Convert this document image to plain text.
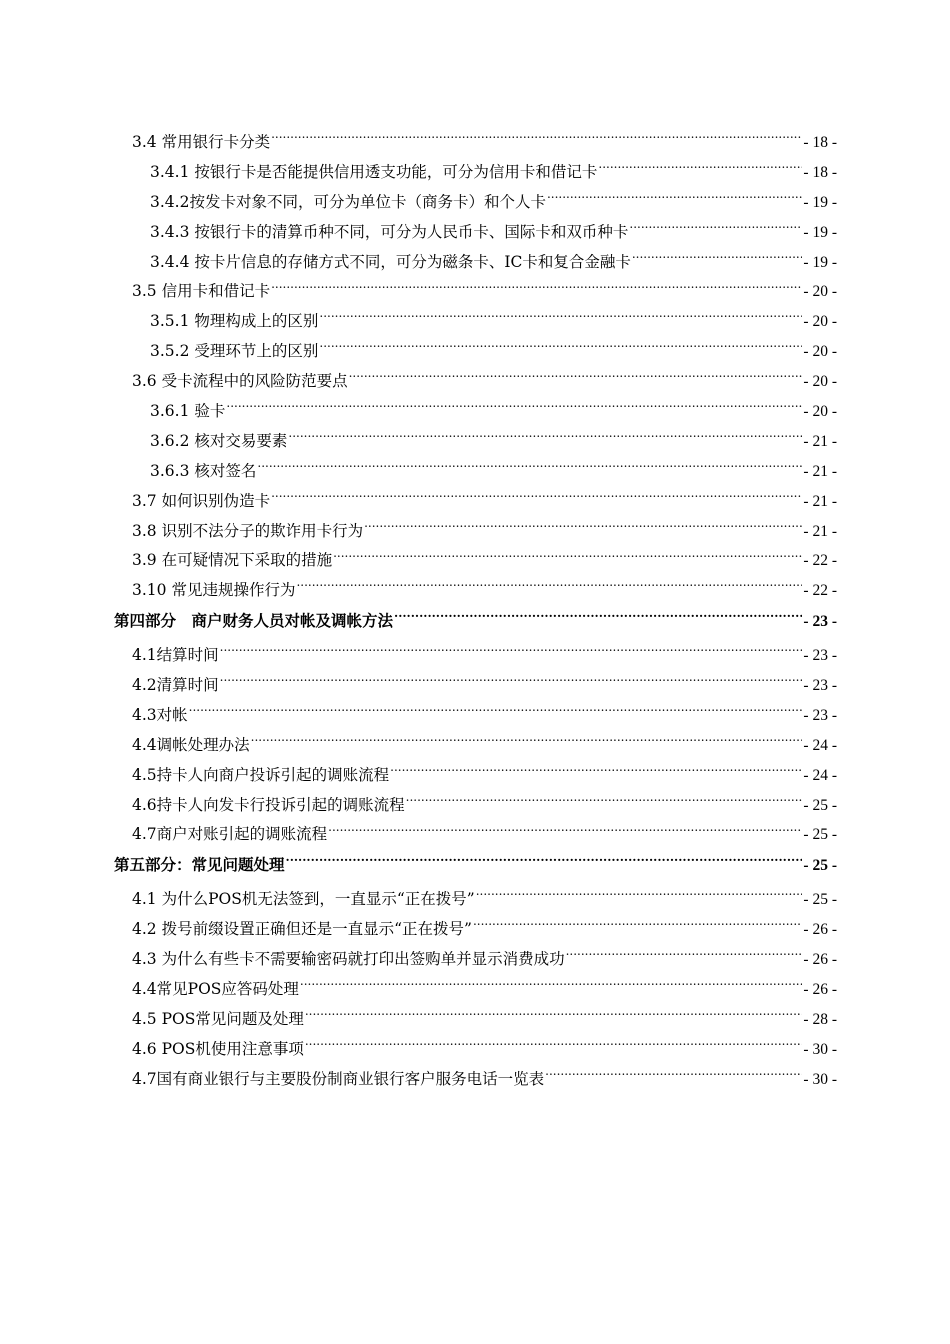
3.4 常用银行卡分类 .....	- 18 -
3.4.1 按银行卡是否能提供信用透支功能，可分为信用卡和借记卡 .....	- 18 -
3.4.2按发卡对象不同，可分为单位卡（商务卡）和个人卡 .....	- 19 -
3.4.3 按银行卡的清算币种不同，可分为人民币卡、国际卡和双币种卡 .....	- 19 -
3.4.4 按卡片信息的存储方式不同，可分为磁条卡、IC卡和复合金融卡 .....	- 19 -
3.5 信用卡和借记卡 .....	- 20 -
3.5.1 物理构成上的区别 .....	- 20 -
3.5.2 受理环节上的区别 .....	- 20 -
3.6 受卡流程中的风险防范要点 .....	- 20 -
3.6.1 验卡 .....	- 20 -
3.6.2 核对交易要素 .....	- 21 -
3.6.3 核对签名 .....	- 21 -
3.7 如何识别伪造卡 .....	- 21 -
3.8 识别不法分子的欺诈用卡行为 .....	- 21 -
3.9 在可疑情况下采取的措施 .....	- 22 -
3.10 常见违规操作行为 .....	- 22 -
第四部分　商户财务人员对帐及调帐方法 .....	- 23 -
4.1结算时间 .....	- 23 -
4.2清算时间 .....	- 23 -
4.3对帐 .....	- 23 -
4.4调帐处理办法 .....	- 24 -
4.5持卡人向商户投诉引起的调账流程 .....	- 24 -
4.6持卡人向发卡行投诉引起的调账流程 .....	- 25 -
4.7商户对账引起的调账流程 .....	- 25 -
第五部分：常见问题处理 .....	- 25 -
4.1 为什么POS机无法签到，一直显示“正在拨号” .....	- 25 -
4.2 拨号前缀设置正确但还是一直显示“正在拨号” .....	- 26 -
4.3 为什么有些卡不需要输密码就打印出签购单并显示消费成功 .....	- 26 -
4.4常见POS应答码处理 .....	- 26 -
4.5 POS常见问题及处理 .....	- 28 -
4.6 POS机使用注意事项 .....	- 30 -
4.7国有商业银行与主要股份制商业银行客户服务电话一览表 .....	- 30 -
